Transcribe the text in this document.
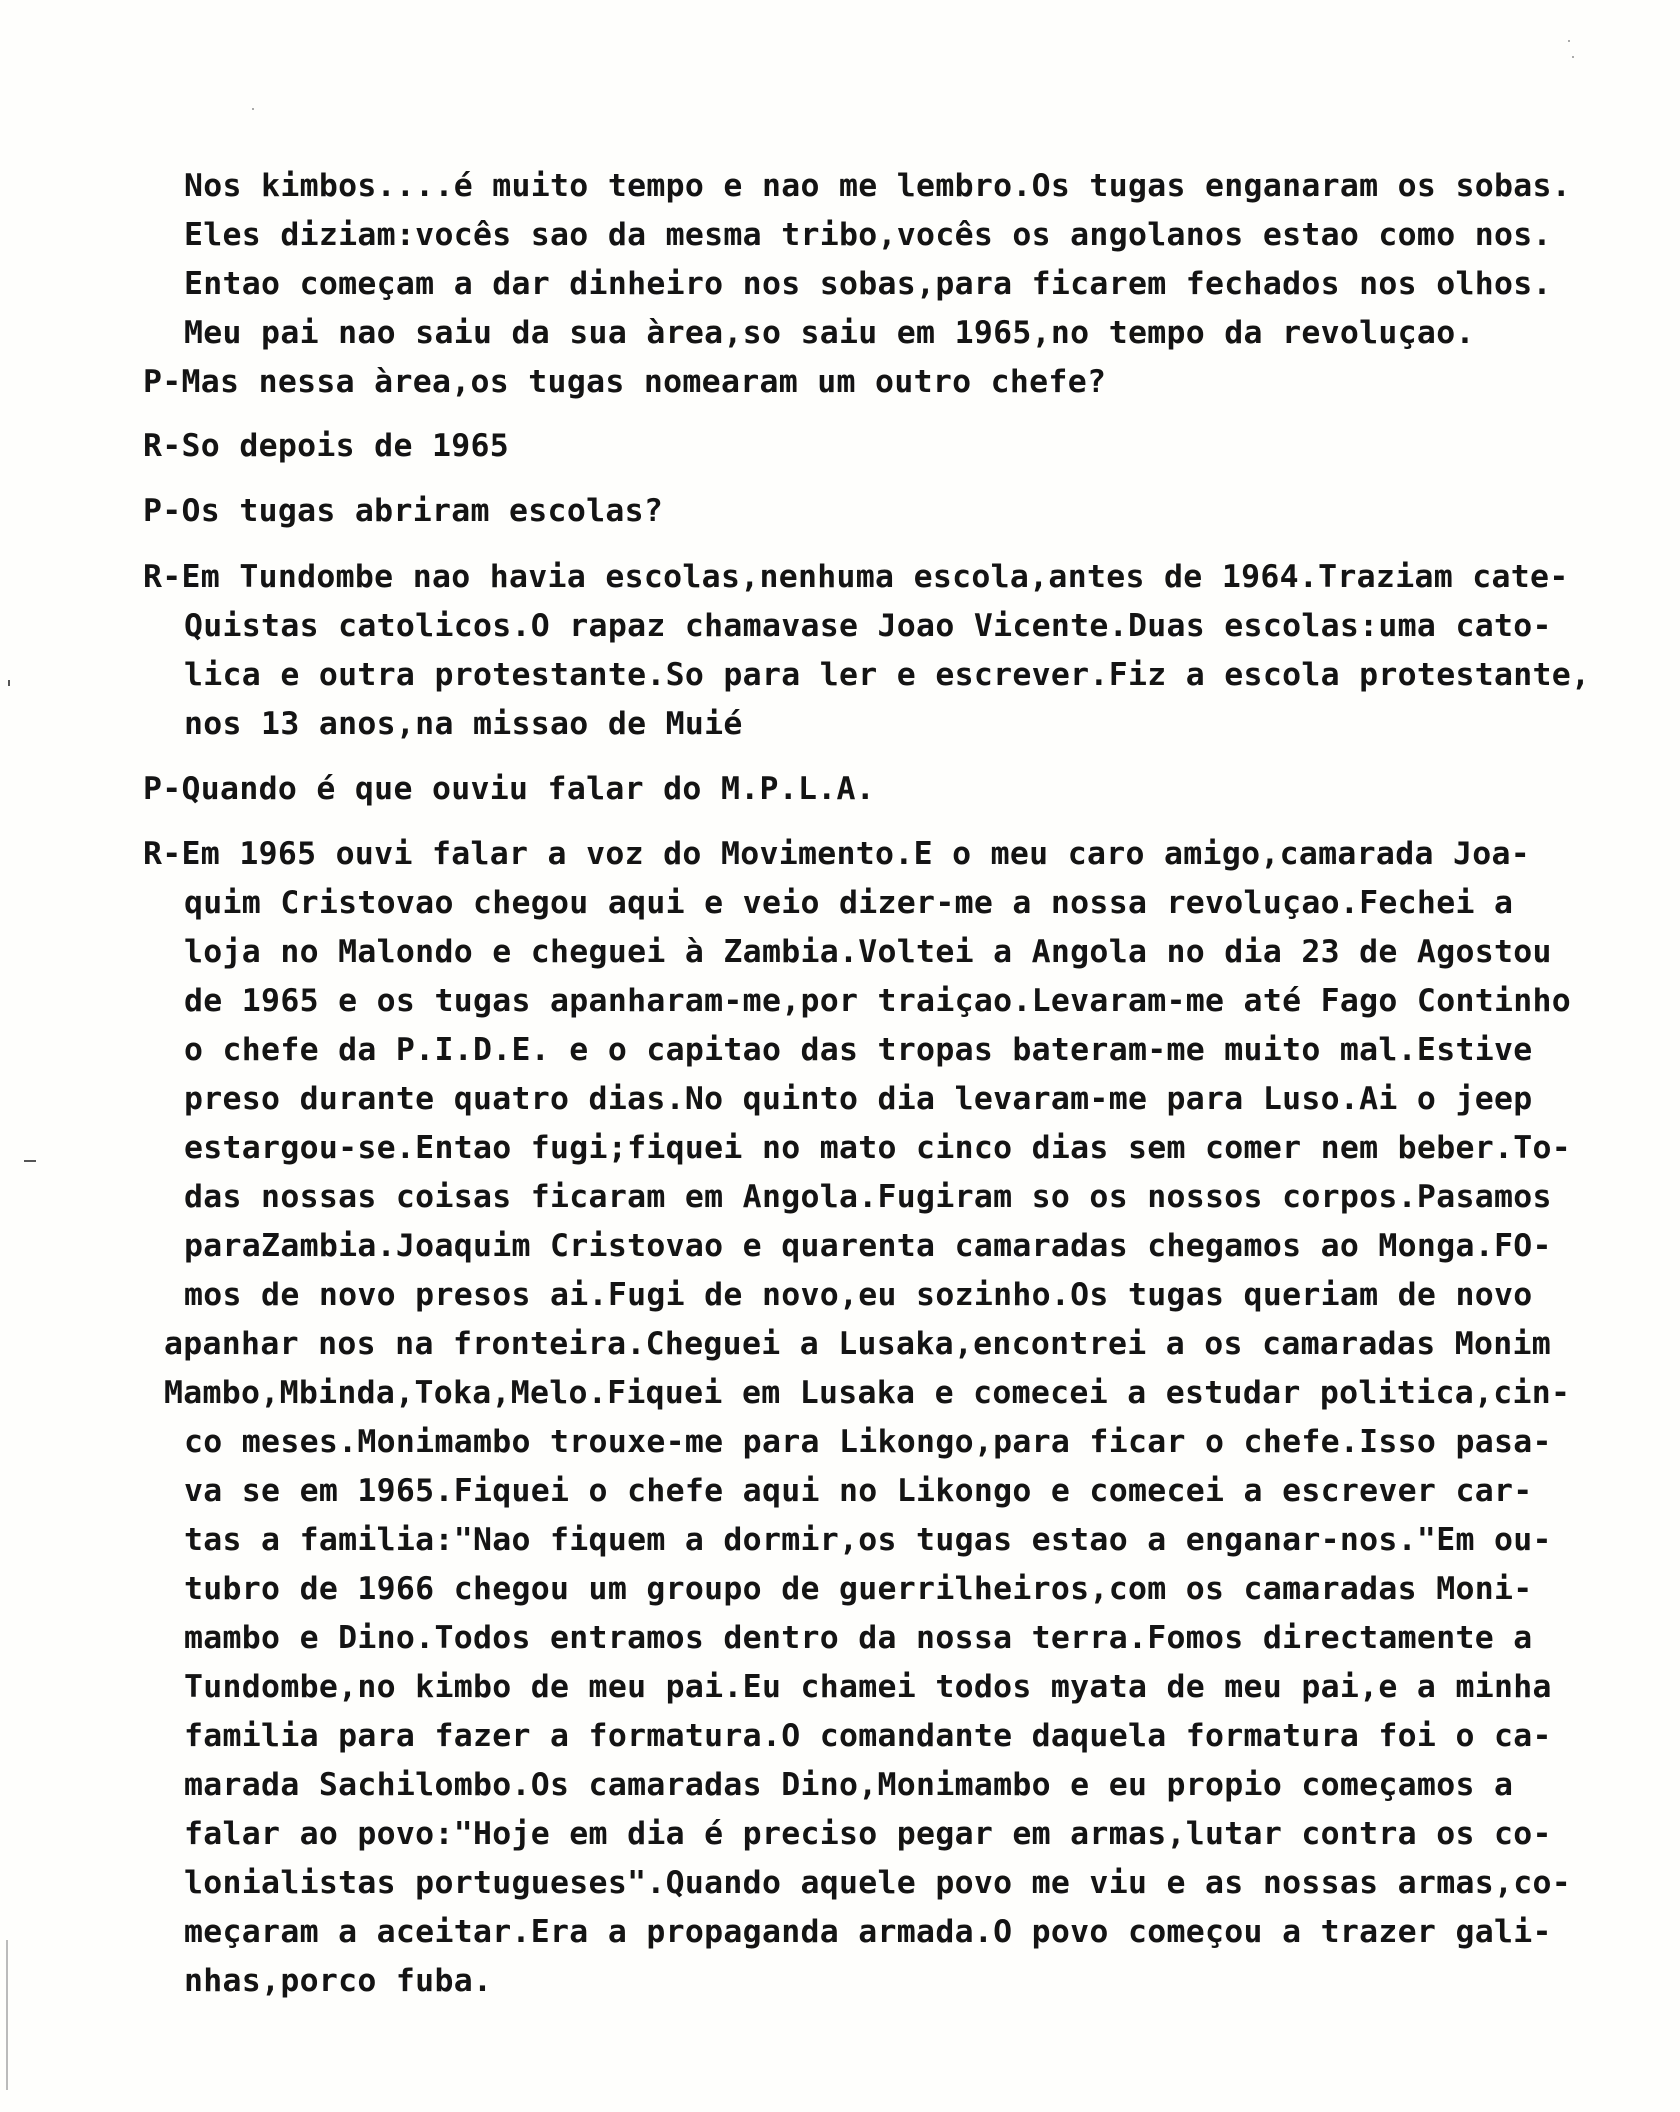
Nos kimbos....é muito tempo e nao me lembro.Os tugas enganaram os sobas.
Eles diziam:vocês sao da mesma tribo,vocês os angolanos estao como nos.
Entao começam a dar dinheiro nos sobas,para ficarem fechados nos olhos.
Meu pai nao saiu da sua àrea,so saiu em 1965,no tempo da revoluçao.
P-Mas nessa àrea,os tugas nomearam um outro chefe?
R-So depois de 1965
P-Os tugas abriram escolas?
R-Em Tundombe nao havia escolas,nenhuma escola,antes de 1964.Traziam cate-
Quistas catolicos.O rapaz chamavase Joao Vicente.Duas escolas:uma cato-
lica e outra protestante.So para ler e escrever.Fiz a escola protestante,
nos 13 anos,na missao de Muié
P-Quando é que ouviu falar do M.P.L.A.
R-Em 1965 ouvi falar a voz do Movimento.E o meu caro amigo,camarada Joa-
quim Cristovao chegou aqui e veio dizer-me a nossa revoluçao.Fechei a
loja no Malondo e cheguei à Zambia.Voltei a Angola no dia 23 de Agostou
de 1965 e os tugas apanharam-me,por traiçao.Levaram-me até Fago Continho
o chefe da P.I.D.E. e o capitao das tropas bateram-me muito mal.Estive
preso durante quatro dias.No quinto dia levaram-me para Luso.Ai o jeep
estargou-se.Entao fugi;fiquei no mato cinco dias sem comer nem beber.To-
das nossas coisas ficaram em Angola.Fugiram so os nossos corpos.Pasamos
paraZambia.Joaquim Cristovao e quarenta camaradas chegamos ao Monga.FO-
mos de novo presos ai.Fugi de novo,eu sozinho.Os tugas queriam de novo
apanhar nos na fronteira.Cheguei a Lusaka,encontrei a os camaradas Monim
Mambo,Mbinda,Toka,Melo.Fiquei em Lusaka e comecei a estudar politica,cin-
co meses.Monimambo trouxe-me para Likongo,para ficar o chefe.Isso pasa-
va se em 1965.Fiquei o chefe aqui no Likongo e comecei a escrever car-
tas a familia:"Nao fiquem a dormir,os tugas estao a enganar-nos."Em ou-
tubro de 1966 chegou um groupo de guerrilheiros,com os camaradas Moni-
mambo e Dino.Todos entramos dentro da nossa terra.Fomos directamente a
Tundombe,no kimbo de meu pai.Eu chamei todos myata de meu pai,e a minha
familia para fazer a formatura.O comandante daquela formatura foi o ca-
marada Sachilombo.Os camaradas Dino,Monimambo e eu propio começamos a
falar ao povo:"Hoje em dia é preciso pegar em armas,lutar contra os co-
lonialistas portugueses".Quando aquele povo me viu e as nossas armas,co-
meçaram a aceitar.Era a propaganda armada.O povo começou a trazer gali-
nhas,porco fuba.
